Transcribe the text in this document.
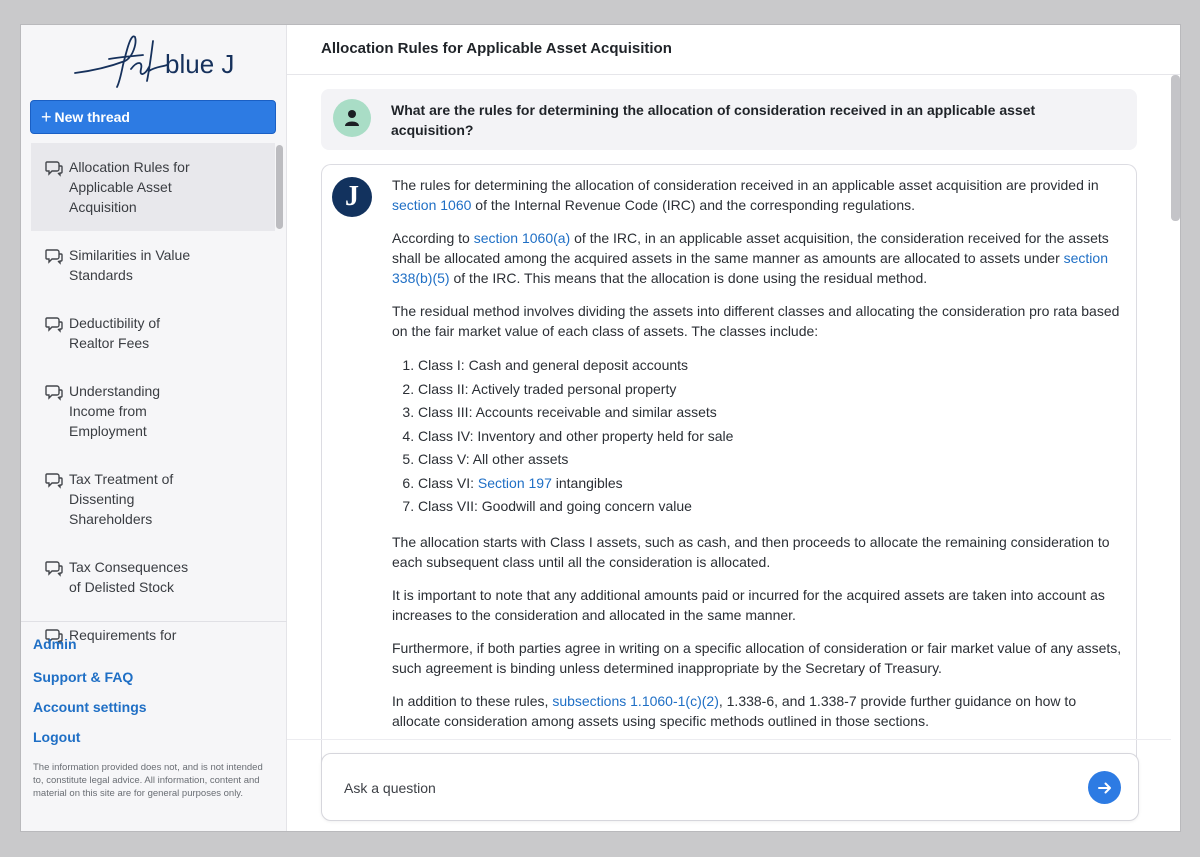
blue J
+ New thread
Allocation Rules for Applicable Asset Acquisition
Similarities in Value Standards
Deductibility of Realtor Fees
Understanding Income from Employment
Tax Treatment of Dissenting Shareholders
Tax Consequences of Delisted Stock
Requirements for
Admin
Support & FAQ
Account settings
Logout
The information provided does not, and is not intended to, constitute legal advice. All information, content and material on this site are for general purposes only.
Allocation Rules for Applicable Asset Acquisition
What are the rules for determining the allocation of consideration received in an applicable asset acquisition?
J	The rules for determining the allocation of consideration received in an applicable asset acquisition are provided in section 1060 of the Internal Revenue Code (IRC) and the corresponding regulations.

According to section 1060(a) of the IRC, in an applicable asset acquisition, the consideration received for the assets shall be allocated among the acquired assets in the same manner as amounts are allocated to assets under section 338(b)(5) of the IRC. This means that the allocation is done using the residual method.

The residual method involves dividing the assets into different classes and allocating the consideration pro rata based on the fair market value of each class of assets. The classes include:

1. Class I: Cash and general deposit accounts
2. Class II: Actively traded personal property
3. Class III: Accounts receivable and similar assets
4. Class IV: Inventory and other property held for sale
5. Class V: All other assets
6. Class VI: Section 197 intangibles
7. Class VII: Goodwill and going concern value

The allocation starts with Class I assets, such as cash, and then proceeds to allocate the remaining consideration to each subsequent class until all the consideration is allocated.

It is important to note that any additional amounts paid or incurred for the acquired assets are taken into account as increases to the consideration and allocated in the same manner.

Furthermore, if both parties agree in writing on a specific allocation of consideration or fair market value of any assets, such agreement is binding unless determined inappropriate by the Secretary of Treasury.

In addition to these rules, subsections 1.1060-1(c)(2), 1.338-6, and 1.338-7 provide further guidance on how to allocate consideration among assets using specific methods outlined in those sections.

Ask a question
